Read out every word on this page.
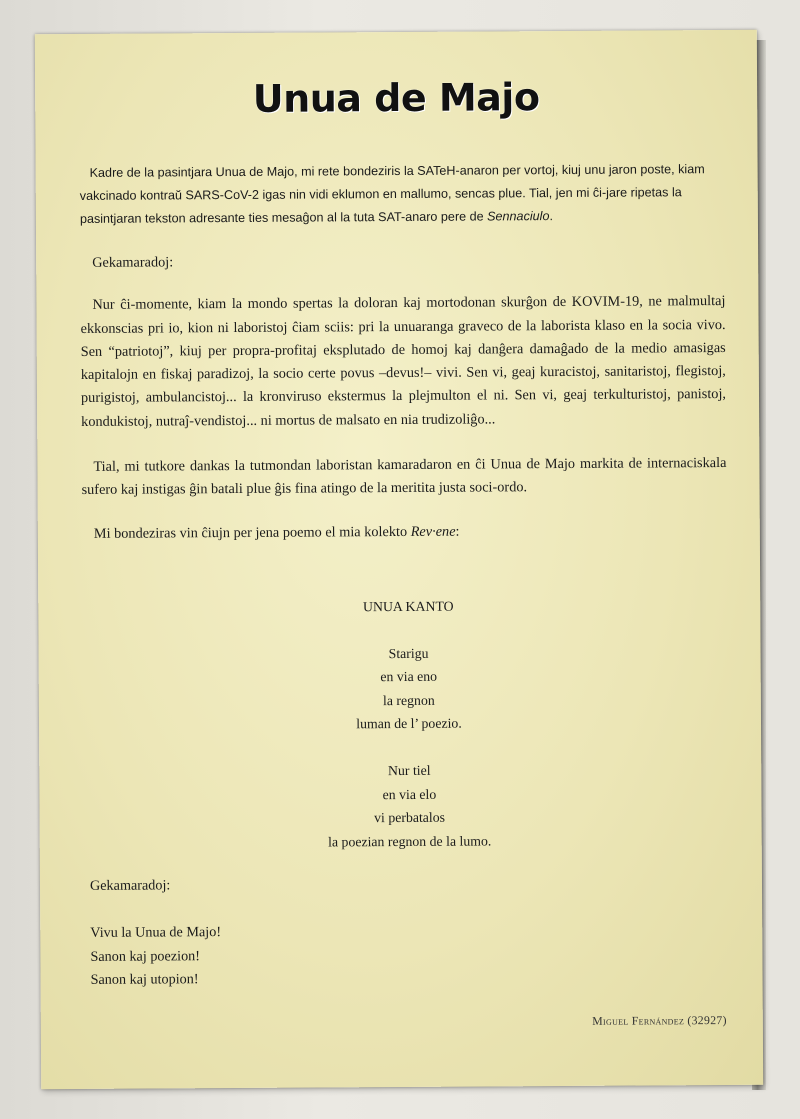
Unua de Majo
Kadre de la pasintjara Unua de Majo, mi rete bondeziris la SATeH-anaron per vortoj, kiuj unu jaron poste, kiam vakcinado kontraŭ SARS-CoV-2 igas nin vidi eklumon en mallumo, sencas plue. Tial, jen mi ĉi-jare ripetas la pasintjaran tekston adresante ties mesaĝon al la tuta SAT-anaro pere de Sennaciulo.

Gekamaradoj:

Nur ĉi-momente, kiam la mondo spertas la doloran kaj mortodonan skurĝon de KOVIM-19, ne malmultaj ekkonscias pri io, kion ni laboristoj ĉiam sciis: pri la unuaranga graveco de la laborista klaso en la socia vivo. Sen “patriotoj”, kiuj per propra-profitaj eksplutado de homoj kaj danĝera damaĝado de la medio amasigas kapitalojn en fiskaj paradizoj, la socio certe povus –devus!– vivi. Sen vi, geaj kuracistoj, sanitaristoj, flegistoj, purigistoj, ambulancistoj... la kronviruso ekstermus la plejmulton el ni. Sen vi, geaj terkulturistoj, panistoj, kondukistoj, nutraĵ-vendistoj... ni mortus de malsato en nia trudizoliĝo...

Tial, mi tutkore dankas la tutmondan laboristan kamaradaron en ĉi Unua de Majo markita de internaciskala sufero kaj instigas ĝin batali plue ĝis fina atingo de la meritita justa soci-ordo.

Mi bondeziras vin ĉiujn per jena poemo el mia kolekto Rev·ene:

UNUA KANTO
Starigu
en via eno
la regnon
luman de l’ poezio.
Nur tiel
en via elo
vi perbatalos
la poezian regnon de la lumo.
Gekamaradoj:
Vivu la Unua de Majo!
Sanon kaj poezion!
Sanon kaj utopion!
Miguel Fernández (32927)
